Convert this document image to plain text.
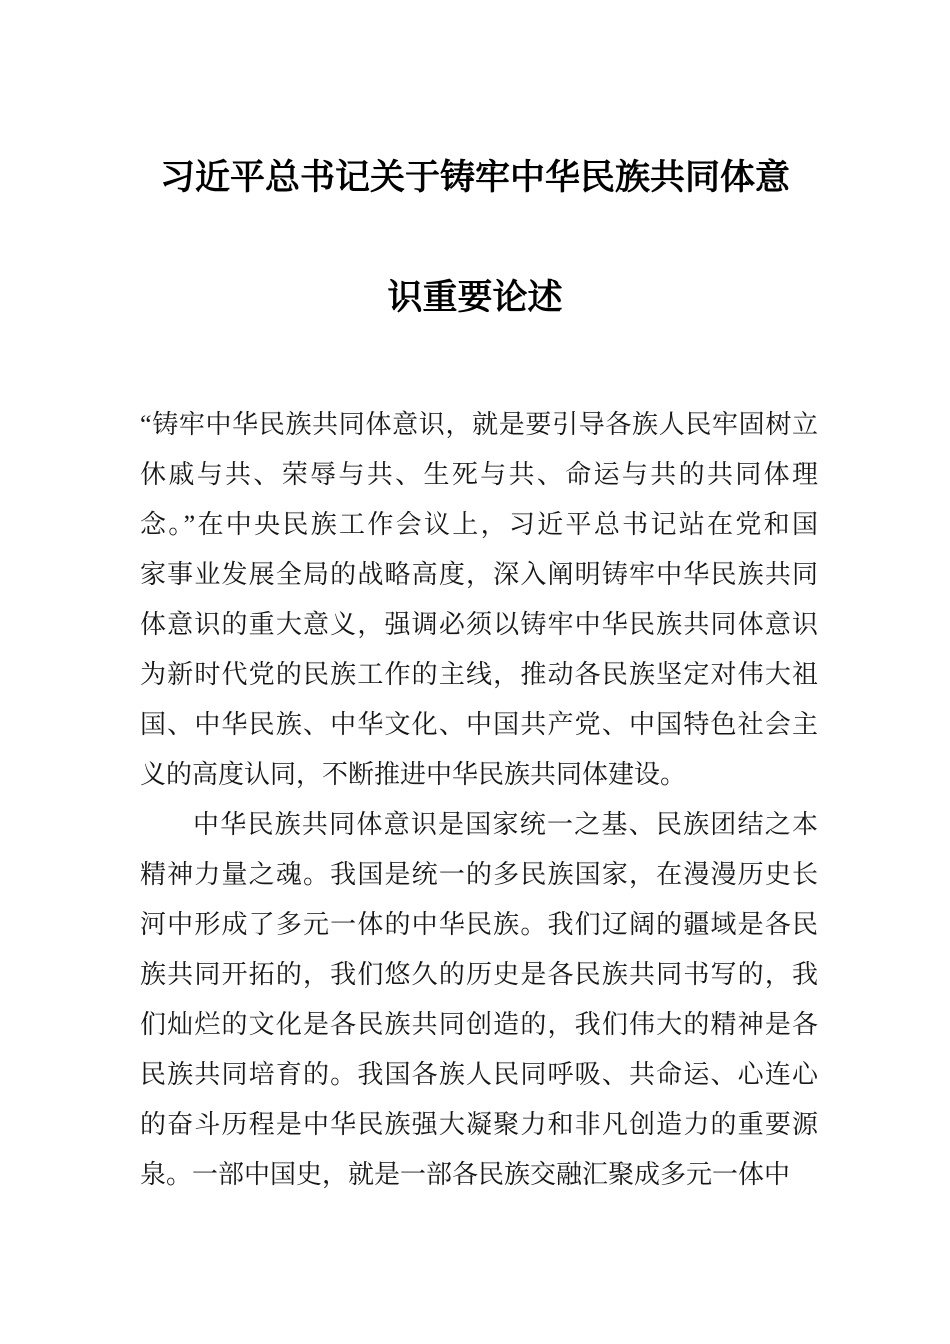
习近平总书记关于铸牢中华民族共同体意
识重要论述
“铸牢中华民族共同体意识，就是要引导各族人民牢固树立
休戚与共、荣辱与共、生死与共、命运与共的共同体理
念。”在中央民族工作会议上，习近平总书记站在党和国
家事业发展全局的战略高度，深入阐明铸牢中华民族共同
体意识的重大意义，强调必须以铸牢中华民族共同体意识
为新时代党的民族工作的主线，推动各民族坚定对伟大祖
国、中华民族、中华文化、中国共产党、中国特色社会主
义的高度认同，不断推进中华民族共同体建设。
中华民族共同体意识是国家统一之基、民族团结之本
精神力量之魂。我国是统一的多民族国家，在漫漫历史长
河中形成了多元一体的中华民族。我们辽阔的疆域是各民
族共同开拓的，我们悠久的历史是各民族共同书写的，我
们灿烂的文化是各民族共同创造的，我们伟大的精神是各
民族共同培育的。我国各族人民同呼吸、共命运、心连心
的奋斗历程是中华民族强大凝聚力和非凡创造力的重要源
泉。一部中国史，就是一部各民族交融汇聚成多元一体中
